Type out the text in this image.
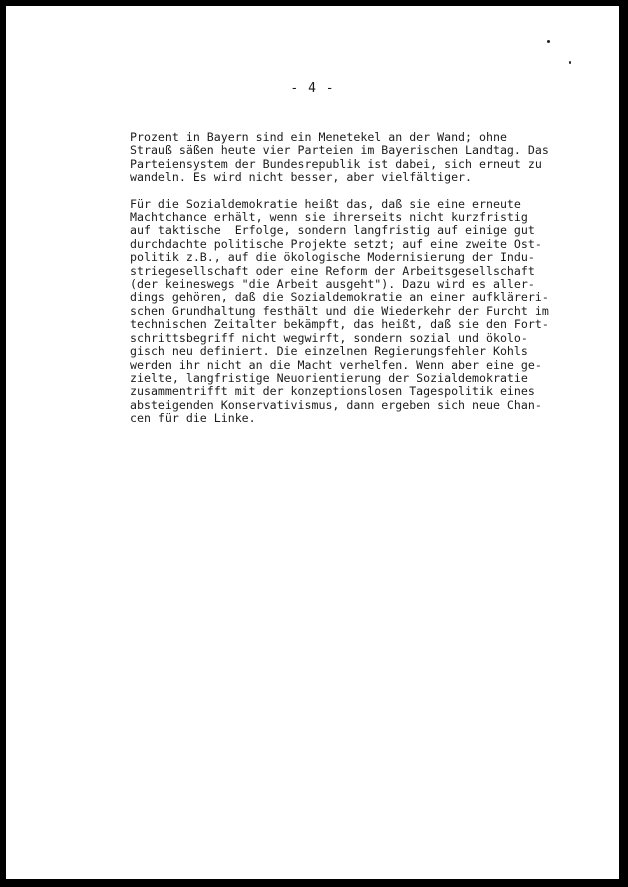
- 4 -
Prozent in Bayern sind ein Menetekel an der Wand; ohne
Strauß säßen heute vier Parteien im Bayerischen Landtag. Das
Parteiensystem der Bundesrepublik ist dabei, sich erneut zu
wandeln. Es wird nicht besser, aber vielfältiger.
Für die Sozialdemokratie heißt das, daß sie eine erneute
Machtchance erhält, wenn sie ihrerseits nicht kurzfristig
auf taktische  Erfolge, sondern langfristig auf einige gut
durchdachte politische Projekte setzt; auf eine zweite Ost-
politik z.B., auf die ökologische Modernisierung der Indu-
striegesellschaft oder eine Reform der Arbeitsgesellschaft
(der keineswegs "die Arbeit ausgeht"). Dazu wird es aller-
dings gehören, daß die Sozialdemokratie an einer aufkläreri-
schen Grundhaltung festhält und die Wiederkehr der Furcht im
technischen Zeitalter bekämpft, das heißt, daß sie den Fort-
schrittsbegriff nicht wegwirft, sondern sozial und ökolo-
gisch neu definiert. Die einzelnen Regierungsfehler Kohls
werden ihr nicht an die Macht verhelfen. Wenn aber eine ge-
zielte, langfristige Neuorientierung der Sozialdemokratie
zusammentrifft mit der konzeptionslosen Tagespolitik eines
absteigenden Konservativismus, dann ergeben sich neue Chan-
cen für die Linke.
